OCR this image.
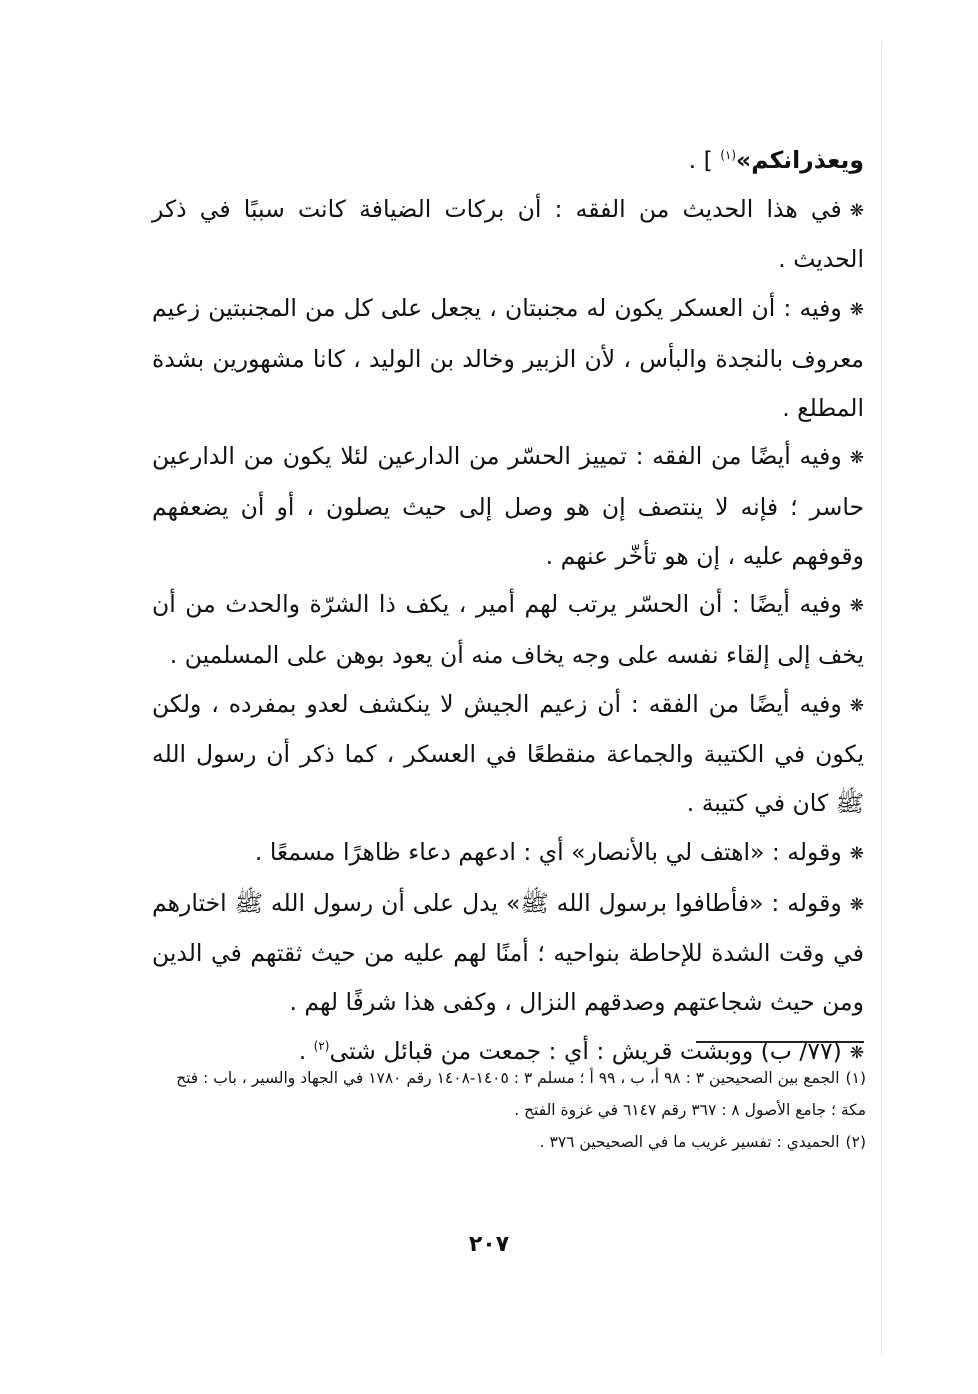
ويعذرانكم»$^{(١)}$ ] .

❋في هذا الحديث من الفقه : أن بركات الضيافة كانت سببًا في ذكر الحديث .

❋وفيه : أن العسكر يكون له مجنبتان ، يجعل على كل من المجنبتين زعيم معروف بالنجدة والبأس ، لأن الزبير وخالد بن الوليد ، كانا مشهورين بشدة المطلع .

❋وفيه أيضًا من الفقه : تمييز الحسّر من الدارعين لئلا يكون من الدارعين حاسر ؛ فإنه لا ينتصف إن هو وصل إلى حيث يصلون ، أو أن يضعفهم وقوفهم عليه ، إن هو تأخّر عنهم .

❋وفيه أيضًا : أن الحسّر يرتب لهم أمير ، يكف ذا الشرّة والحدث من أن يخف إلى إلقاء نفسه على وجه يخاف منه أن يعود بوهن على المسلمين .

❋وفيه أيضًا من الفقه : أن زعيم الجيش لا ينكشف لعدو بمفرده ، ولكن يكون في الكتيبة والجماعة منقطعًا في العسكر ، كما ذكر أن رسول الله ﷺ كان في كتيبة .

❋وقوله : «اهتف لي بالأنصار» أي : ادعهم دعاء ظاهرًا مسمعًا .

❋وقوله : «فأطافوا برسول الله ﷺ» يدل على أن رسول الله ﷺ اختارهم في وقت الشدة للإحاطة بنواحيه ؛ أمنًا لهم عليه من حيث ثقتهم في الدين ومن حيث شجاعتهم وصدقهم النزال ، وكفى هذا شرفًا لهم .

❋(٧٧/ ب) ووبشت قريش : أي : جمعت من قبائل شتى$^{(٢)}$ .

(١)الجمع بين الصحيحين ٣ : ٩٨ أ، ب ، ٩٩ أ ؛ مسلم ٣ : ١٤٠٥-١٤٠٨ رقم ١٧٨٠ في الجهاد والسير ، باب : فتح مكة ؛ جامع الأصول ٨ : ٣٦٧ رقم ٦١٤٧ في غزوة الفتح .

(٢)الحميدي : تفسير غريب ما في الصحيحين ٣٧٦ .

٢٠٧
